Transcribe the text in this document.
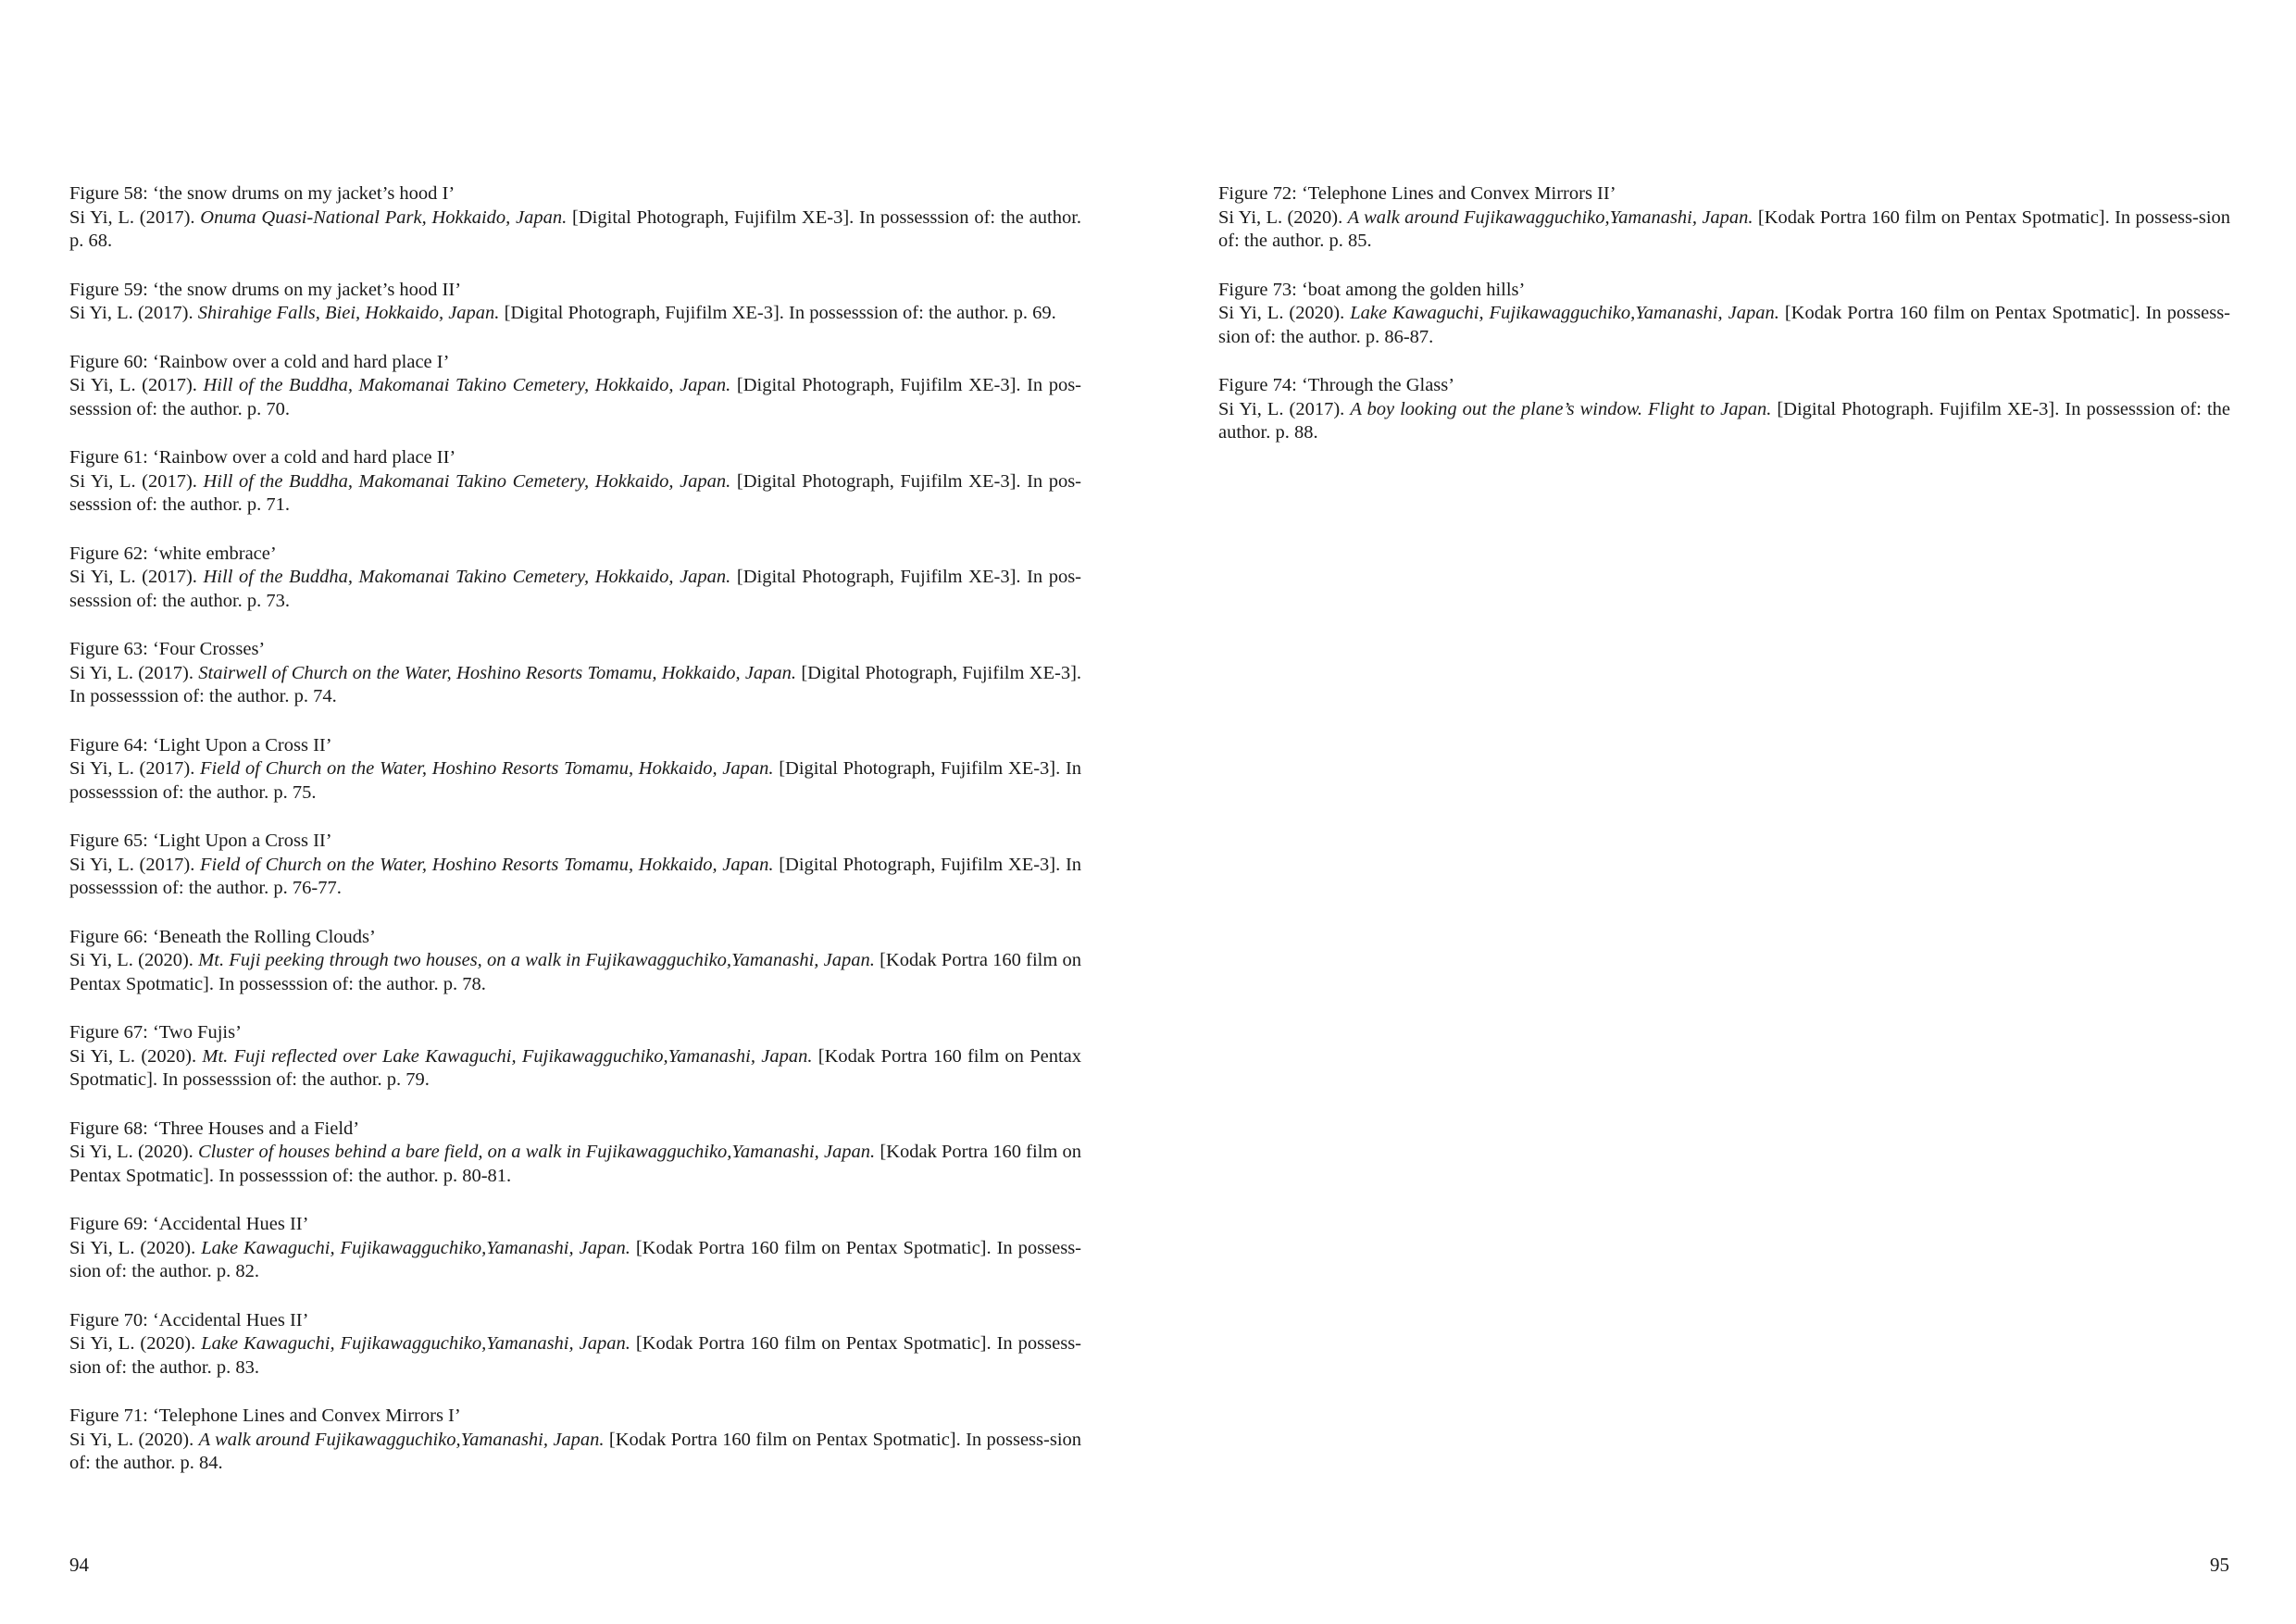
Figure 58: ‘the snow drums on my jacket’s hood I’
Si Yi, L. (2017). Onuma Quasi-National Park, Hokkaido, Japan. [Digital Photograph, Fujifilm XE-3]. In possesssion of: the author. p. 68.
Figure 59: ‘the snow drums on my jacket’s hood II’
Si Yi, L. (2017). Shirahige Falls, Biei, Hokkaido, Japan. [Digital Photograph, Fujifilm XE-3]. In possesssion of: the author. p. 69.
Figure 60: ‘Rainbow over a cold and hard place I’
Si Yi, L. (2017). Hill of the Buddha, Makomanai Takino Cemetery, Hokkaido, Japan. [Digital Photograph, Fujifilm XE-3]. In pos-sesssion of: the author. p. 70.
Figure 61: ‘Rainbow over a cold and hard place II’
Si Yi, L. (2017). Hill of the Buddha, Makomanai Takino Cemetery, Hokkaido, Japan. [Digital Photograph, Fujifilm XE-3]. In pos-sesssion of: the author. p. 71.
Figure 62: ‘white embrace’
Si Yi, L. (2017). Hill of the Buddha, Makomanai Takino Cemetery, Hokkaido, Japan. [Digital Photograph, Fujifilm XE-3]. In pos-sesssion of: the author. p. 73.
Figure 63: ‘Four Crosses’
Si Yi, L. (2017). Stairwell of Church on the Water, Hoshino Resorts Tomamu, Hokkaido, Japan. [Digital Photograph, Fujifilm XE-3]. In possesssion of: the author. p. 74.
Figure 64: ‘Light Upon a Cross II’
Si Yi, L. (2017). Field of Church on the Water, Hoshino Resorts Tomamu, Hokkaido, Japan. [Digital Photograph, Fujifilm XE-3]. In possesssion of: the author. p. 75.
Figure 65: ‘Light Upon a Cross II’
Si Yi, L. (2017). Field of Church on the Water, Hoshino Resorts Tomamu, Hokkaido, Japan. [Digital Photograph, Fujifilm XE-3]. In possesssion of: the author. p. 76-77.
Figure 66: ‘Beneath the Rolling Clouds’
Si Yi, L. (2020). Mt. Fuji peeking through two houses, on a walk in Fujikawagguchiko,Yamanashi, Japan. [Kodak Portra 160 film on Pentax Spotmatic]. In possesssion of: the author. p. 78.
Figure 67: ‘Two Fujis’
Si Yi, L. (2020). Mt. Fuji reflected over Lake Kawaguchi, Fujikawagguchiko,Yamanashi, Japan. [Kodak Portra 160 film on Pentax Spotmatic]. In possesssion of: the author. p. 79.
Figure 68: ‘Three Houses and a Field’
Si Yi, L. (2020). Cluster of houses behind a bare field, on a walk in Fujikawagguchiko,Yamanashi, Japan. [Kodak Portra 160 film on Pentax Spotmatic]. In possesssion of: the author. p. 80-81.
Figure 69: ‘Accidental Hues II’
Si Yi, L. (2020). Lake Kawaguchi, Fujikawagguchiko,Yamanashi, Japan. [Kodak Portra 160 film on Pentax Spotmatic]. In possess-sion of: the author. p. 82.
Figure 70: ‘Accidental Hues II’
Si Yi, L. (2020). Lake Kawaguchi, Fujikawagguchiko,Yamanashi, Japan. [Kodak Portra 160 film on Pentax Spotmatic]. In possess-sion of: the author. p. 83.
Figure 71: ‘Telephone Lines and Convex Mirrors I’
Si Yi, L. (2020). A walk around Fujikawagguchiko,Yamanashi, Japan. [Kodak Portra 160 film on Pentax Spotmatic]. In possess-sion of: the author. p. 84.
94
Figure 72: ‘Telephone Lines and Convex Mirrors II’
Si Yi, L. (2020). A walk around Fujikawagguchiko,Yamanashi, Japan. [Kodak Portra 160 film on Pentax Spotmatic]. In possess-sion of: the author. p. 85.
Figure 73: ‘boat among the golden hills’
Si Yi, L. (2020). Lake Kawaguchi, Fujikawagguchiko,Yamanashi, Japan. [Kodak Portra 160 film on Pentax Spotmatic]. In possess-sion of: the author. p. 86-87.
Figure 74: ‘Through the Glass’
Si Yi, L. (2017). A boy looking out the plane’s window. Flight to Japan. [Digital Photograph. Fujifilm XE-3]. In possesssion of: the author. p. 88.
95
